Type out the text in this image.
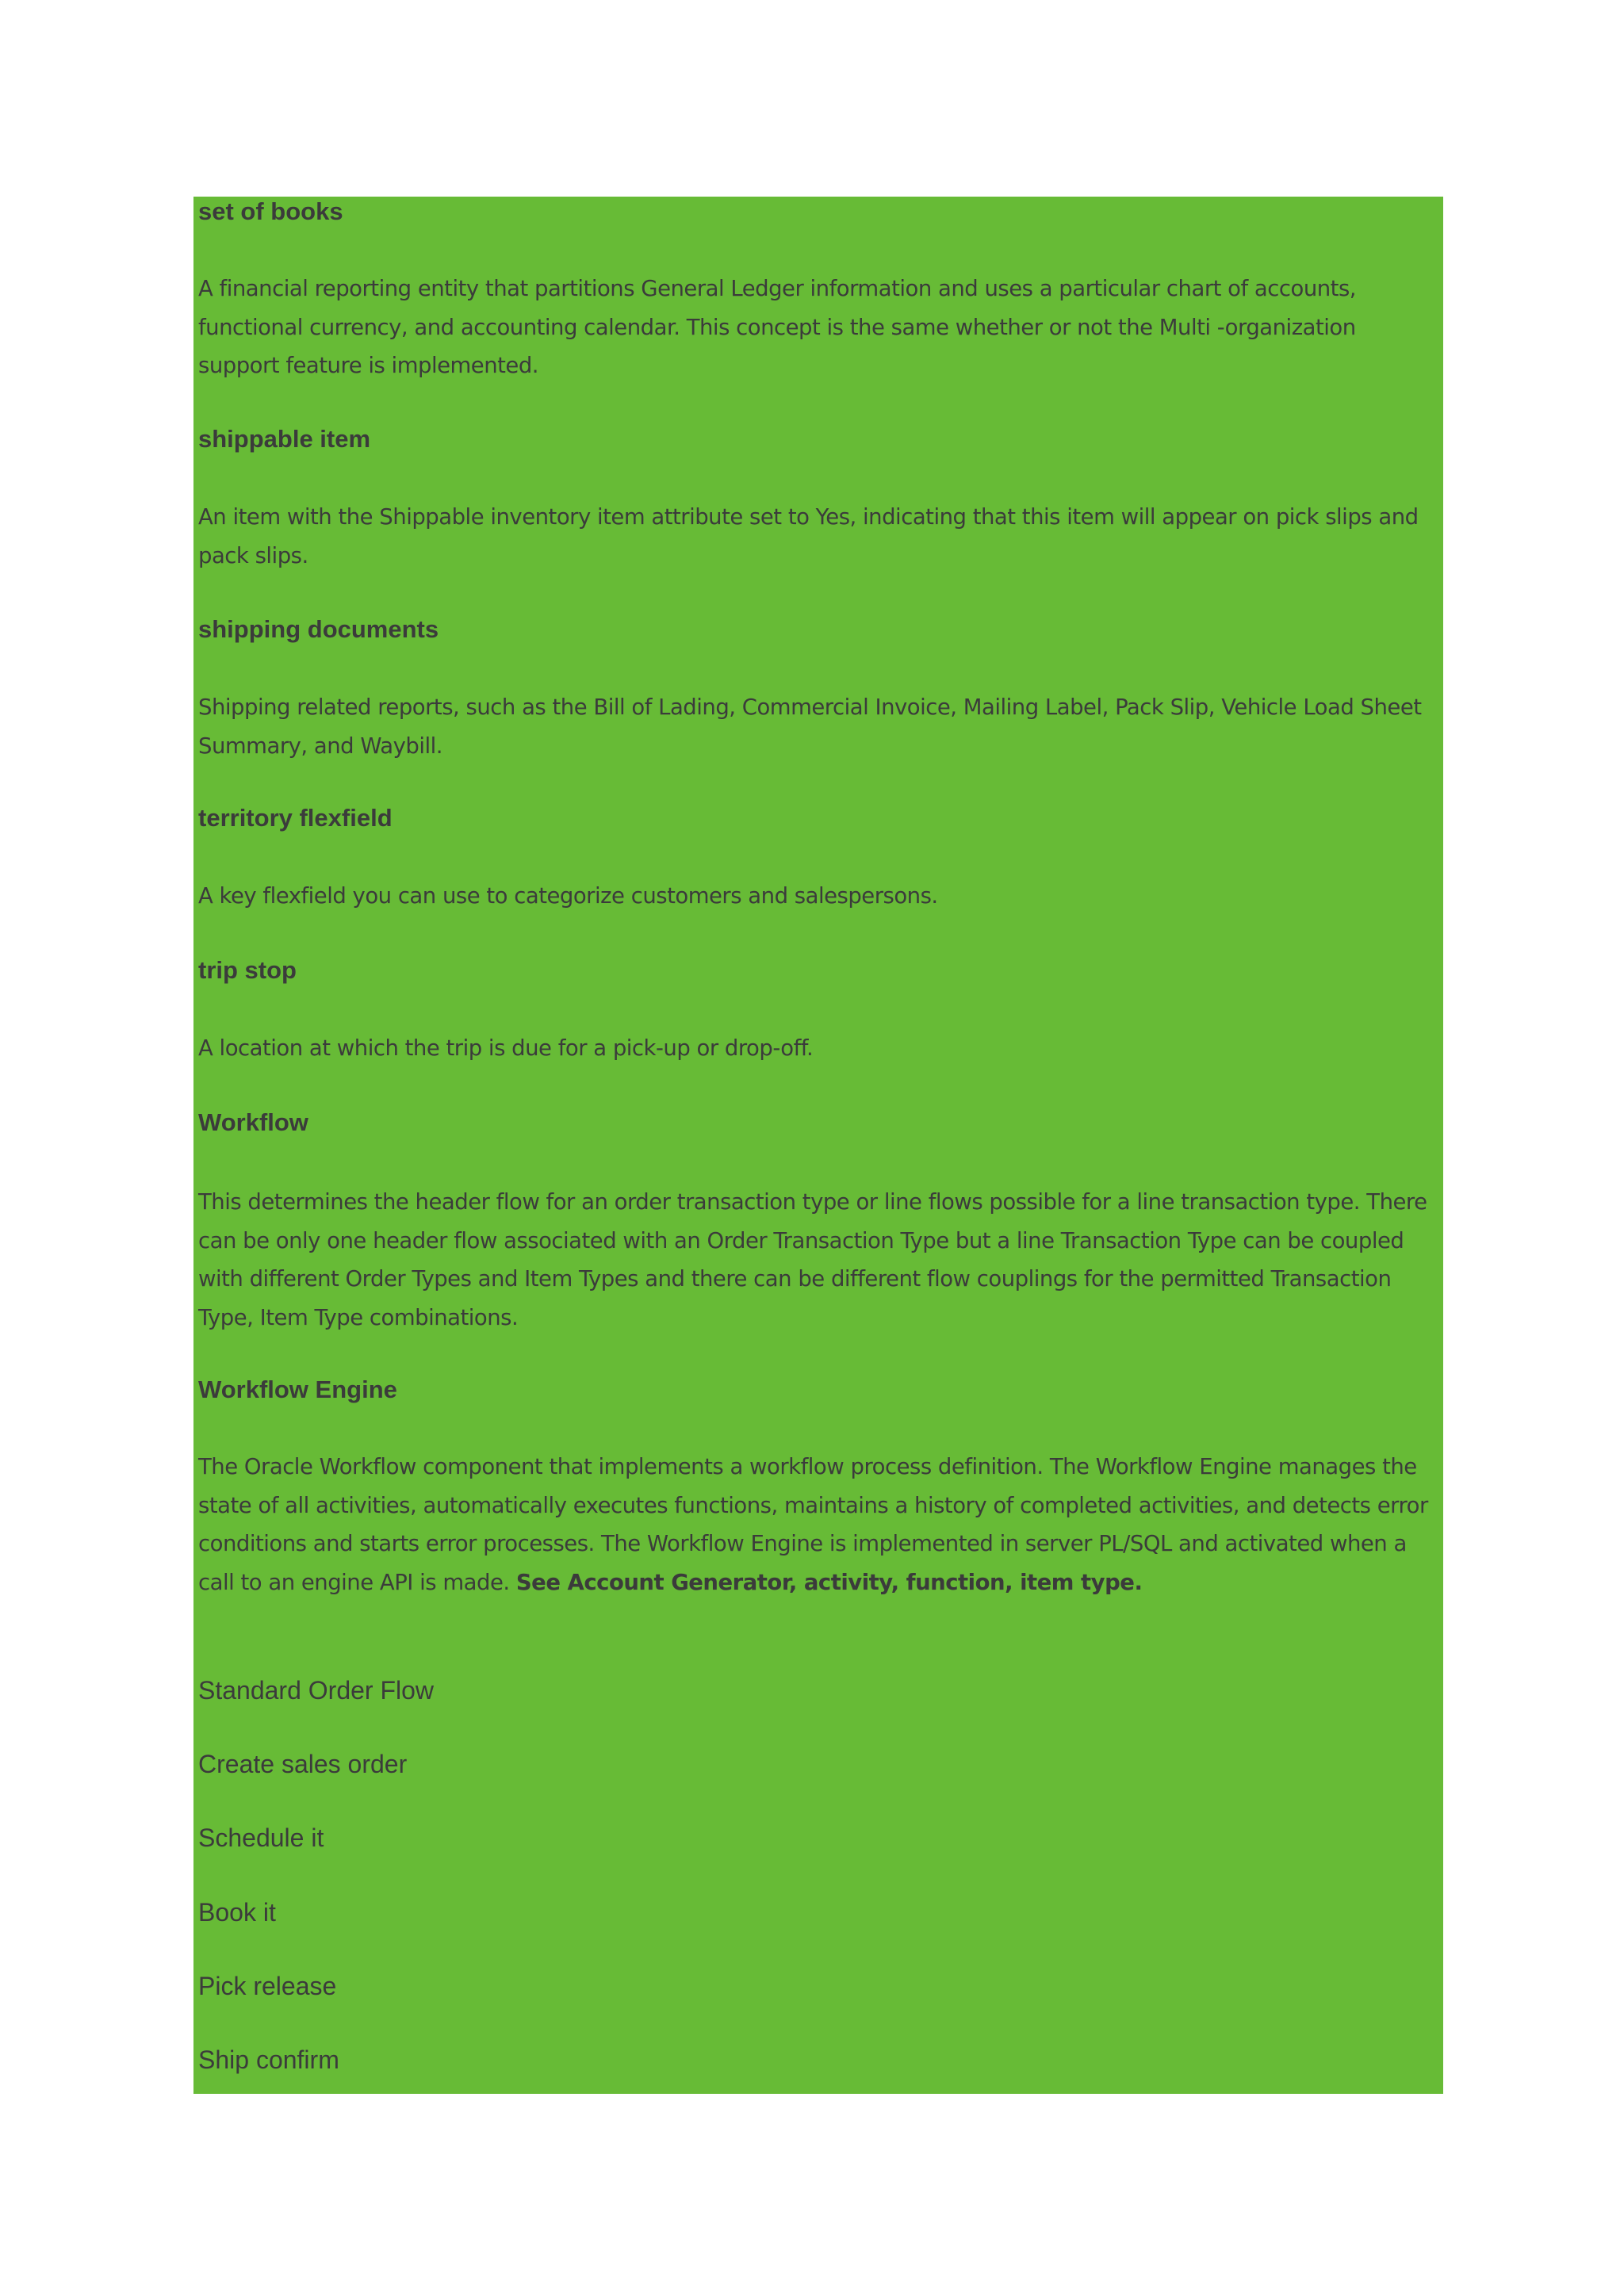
set of books

A financial reporting entity that partitions General Ledger information and uses a particular chart of accounts, functional currency, and accounting calendar. This concept is the same whether or not the Multi -organization support feature is implemented.

shippable item

An item with the Shippable inventory item attribute set to Yes, indicating that this item will appear on pick slips and pack slips.

shipping documents

Shipping related reports, such as the Bill of Lading, Commercial Invoice, Mailing Label, Pack Slip, Vehicle Load Sheet Summary, and Waybill.

territory flexfield

A key flexfield you can use to categorize customers and salespersons.

trip stop

A location at which the trip is due for a pick-up or drop-off.

Workflow

This determines the header flow for an order transaction type or line flows possible for a line transaction type. There can be only one header flow associated with an Order Transaction Type but a line Transaction Type can be coupled with different Order Types and Item Types and there can be different flow couplings for the permitted Transaction Type, Item Type combinations.

Workflow Engine

The Oracle Workflow component that implements a workflow process definition. The Workflow Engine manages the state of all activities, automatically executes functions, maintains a history of completed activities, and detects error conditions and starts error processes. The Workflow Engine is implemented in server PL/SQL and activated when a call to an engine API is made. See Account Generator, activity, function, item type.

Standard Order Flow
Create sales order
Schedule it
Book it
Pick release
Ship confirm
